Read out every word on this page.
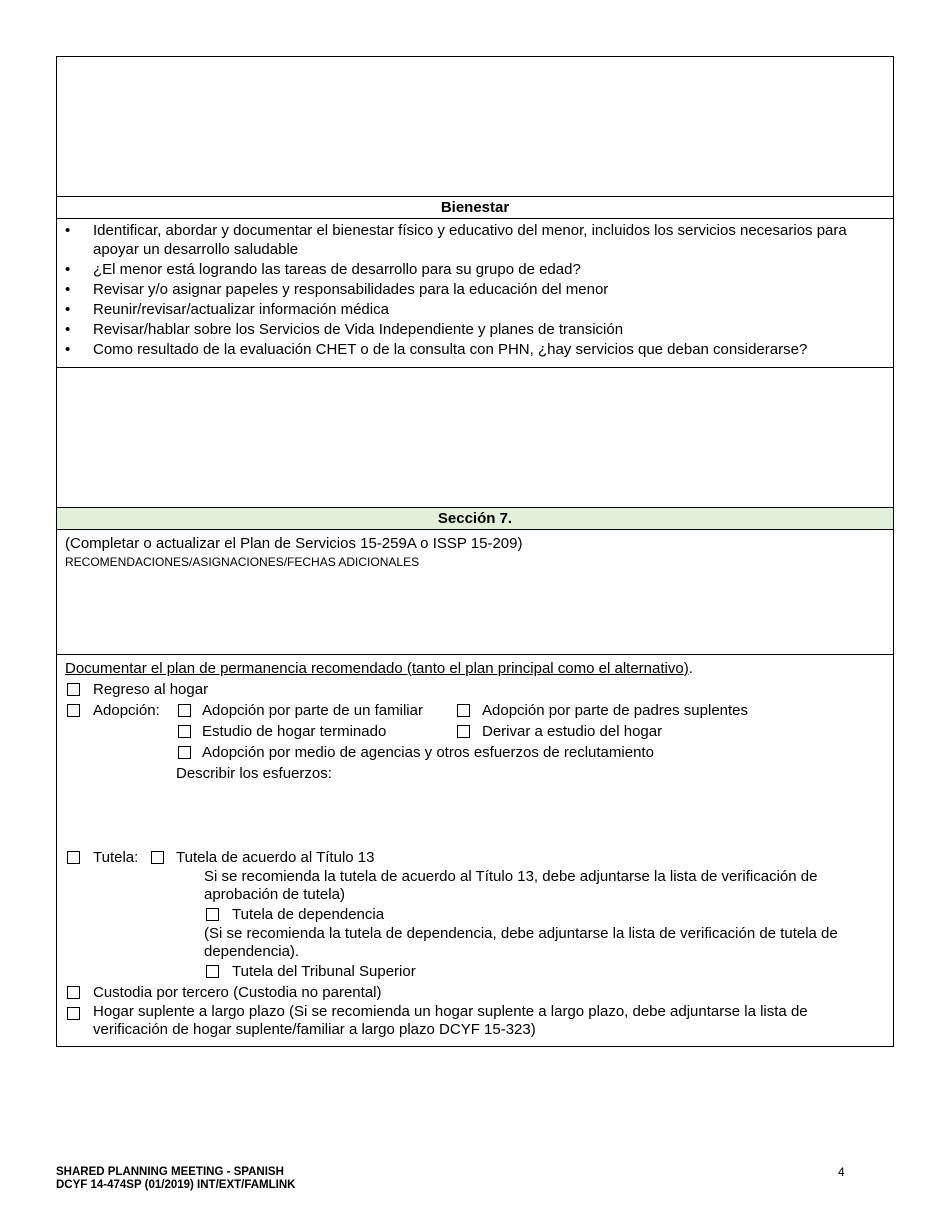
Bienestar
•	Identificar, abordar y documentar el bienestar físico y educativo del menor, incluidos los servicios necesarios para apoyar un desarrollo saludable
•	¿El menor está logrando las tareas de desarrollo para su grupo de edad?
•	Revisar y/o asignar papeles y responsabilidades para la educación del menor
•	Reunir/revisar/actualizar información médica
•	Revisar/hablar sobre los Servicios de Vida Independiente y planes de transición
•	Como resultado de la evaluación CHET o de la consulta con PHN, ¿hay servicios que deban considerarse?
Sección 7.
(Completar o actualizar el Plan de Servicios 15-259A o ISSP 15-209)
RECOMENDACIONES/ASIGNACIONES/FECHAS ADICIONALES
Documentar el plan de permanencia recomendado (tanto el plan principal como el alternativo).
Regreso al hogar
Adopción:	Adopción por parte de un familiar	Adopción por parte de padres suplentes
Estudio de hogar terminado	Derivar a estudio del hogar
Adopción por medio de agencias y otros esfuerzos de reclutamiento
Describir los esfuerzos:
Tutela:	Tutela de acuerdo al Título 13
Si se recomienda la tutela de acuerdo al Título 13, debe adjuntarse la lista de verificación de aprobación de tutela)
Tutela de dependencia
(Si se recomienda la tutela de dependencia, debe adjuntarse la lista de verificación de tutela de dependencia).
Tutela del Tribunal Superior
Custodia por tercero (Custodia no parental)
Hogar suplente a largo plazo (Si se recomienda un hogar suplente a largo plazo, debe adjuntarse la lista de verificación de hogar suplente/familiar a largo plazo DCYF 15-323)
SHARED PLANNING MEETING - SPANISH
DCYF 14-474SP (01/2019) INT/EXT/FAMLINK
4
